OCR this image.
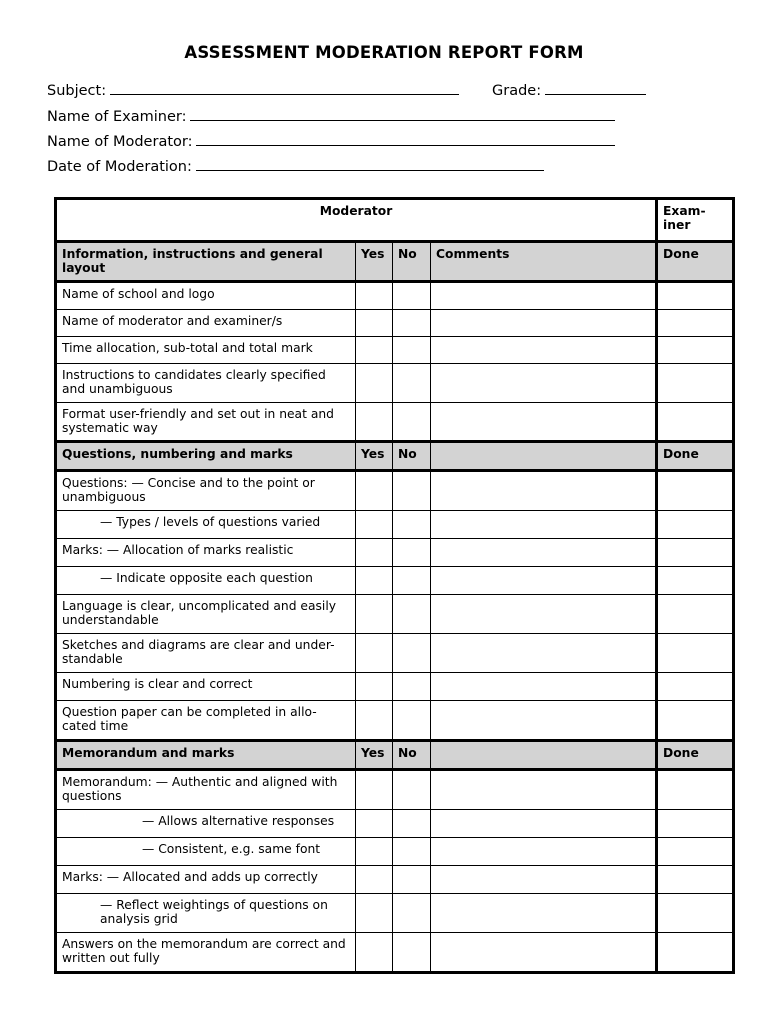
ASSESSMENT MODERATION REPORT FORM
Subject:	Grade:
Name of Examiner:
Name of Moderator:
Date of Moderation:
Moderator				Exam-
iner
Information, instructions and general layout	Yes	No	Comments	Done
Name of school and logo				
Name of moderator and examiner/s				
Time allocation, sub-total and total mark				
Instructions to candidates clearly specified and unambiguous				
Format user-friendly and set out in neat and systematic way				
Questions, numbering and marks	Yes	No		Done
Questions: — Concise and to the point or unambiguous				
— Types / levels of questions varied				
Marks: — Allocation of marks realistic				
— Indicate opposite each question				
Language is clear, uncomplicated and easily understandable				
Sketches and diagrams are clear and under-standable				
Numbering is clear and correct				
Question paper can be completed in allo-cated time				
Memorandum and marks	Yes	No		Done
Memorandum: — Authentic and aligned with questions				
— Allows alternative responses				
— Consistent, e.g. same font				
Marks: — Allocated and adds up correctly				
— Reflect weightings of questions on analysis grid				
Answers on the memorandum are correct and written out fully				
